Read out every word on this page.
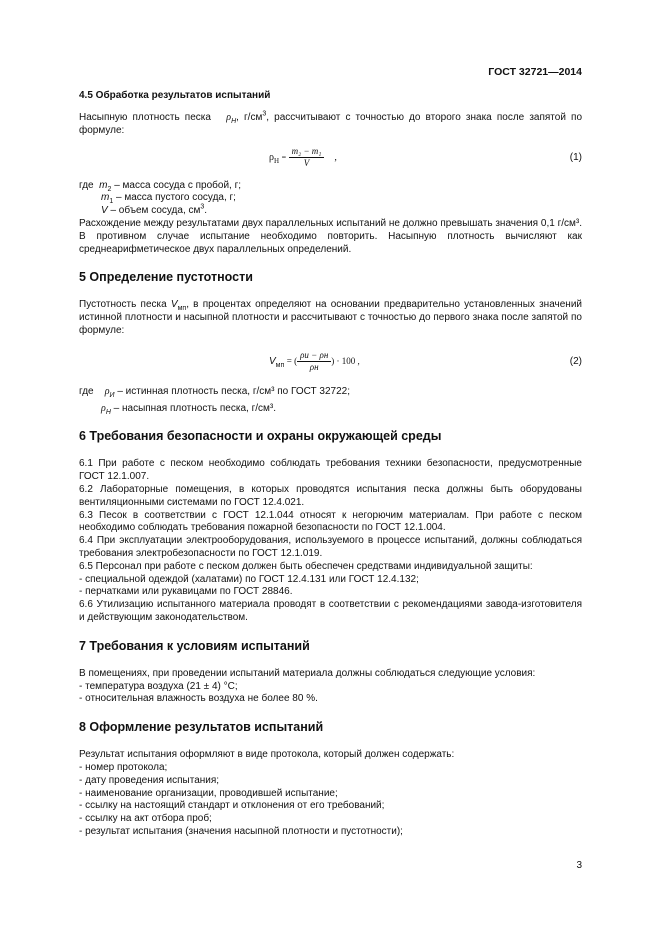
ГОСТ 32721—2014
4.5 Обработка результатов испытаний

Насыпную плотность песка $\rho_Н$, $г/см^3$, рассчитывают с точностью до второго знака после запятой по формуле:

$\rho_Н = \frac{\text{m₂ − m₁}}{V}$ ,	(1)
где $m_2$ – масса сосуда с пробой, г;
$m_1$ – масса пустого сосуда, г;
V – объем сосуда, $см^3$.

Расхождение между результатами двух параллельных испытаний не должно превышать значения 0,1 г/см³. В противном случае испытание необходимо повторить. Насыпную плотность вычисляют как среднеарифметическое двух параллельных определений.

5 Определение пустотности

Пустотность песка $V_{мп}$, в процентах определяют на основании предварительно установленных значений истинной плотности и насыпной плотности и рассчитывают с точностью до первого знака после запятой по формуле:

$V_{мп}$ = ( $\frac{\rho и - \rho н}{\rho н}$ ) · 100 ,	(2)
где $\rho_И$ – истинная плотность песка, г/см³ по ГОСТ 32722;
$\rho_Н$ – насыпная плотность песка, г/см³.
6 Требования безопасности и охраны окружающей среды

6.1 При работе с песком необходимо соблюдать требования техники безопасности, предусмотренные ГОСТ 12.1.007.

6.2 Лабораторные помещения, в которых проводятся испытания песка должны быть оборудованы вентиляционными системами по ГОСТ 12.4.021.

6.3 Песок в соответствии с ГОСТ 12.1.044 относят к негорючим материалам. При работе с песком необходимо соблюдать требования пожарной безопасности по ГОСТ 12.1.004.

6.4 При эксплуатации электрооборудования, используемого в процессе испытаний, должны соблюдаться требования электробезопасности по ГОСТ 12.1.019.

6.5 Персонал при работе с песком должен быть обеспечен средствами индивидуальной защиты:

- специальной одеждой (халатами) по ГОСТ 12.4.131 или ГОСТ 12.4.132;
- перчатками или рукавицами по ГОСТ 28846.

6.6 Утилизацию испытанного материала проводят в соответствии с рекомендациями завода-изготовителя и действующим законодательством.

7 Требования к условиям испытаний

В помещениях, при проведении испытаний материала должны соблюдаться следующие условия:

- температура воздуха (21 ± 4) °С;
- относительная влажность воздуха не более 80 %.
8 Оформление результатов испытаний

Результат испытания оформляют в виде протокола, который должен содержать:

- номер протокола;
- дату проведения испытания;
- наименование организации, проводившей испытание;
- ссылку на настоящий стандарт и отклонения от его требований;
- ссылку на акт отбора проб;
- результат испытания (значения насыпной плотности и пустотности);
3
